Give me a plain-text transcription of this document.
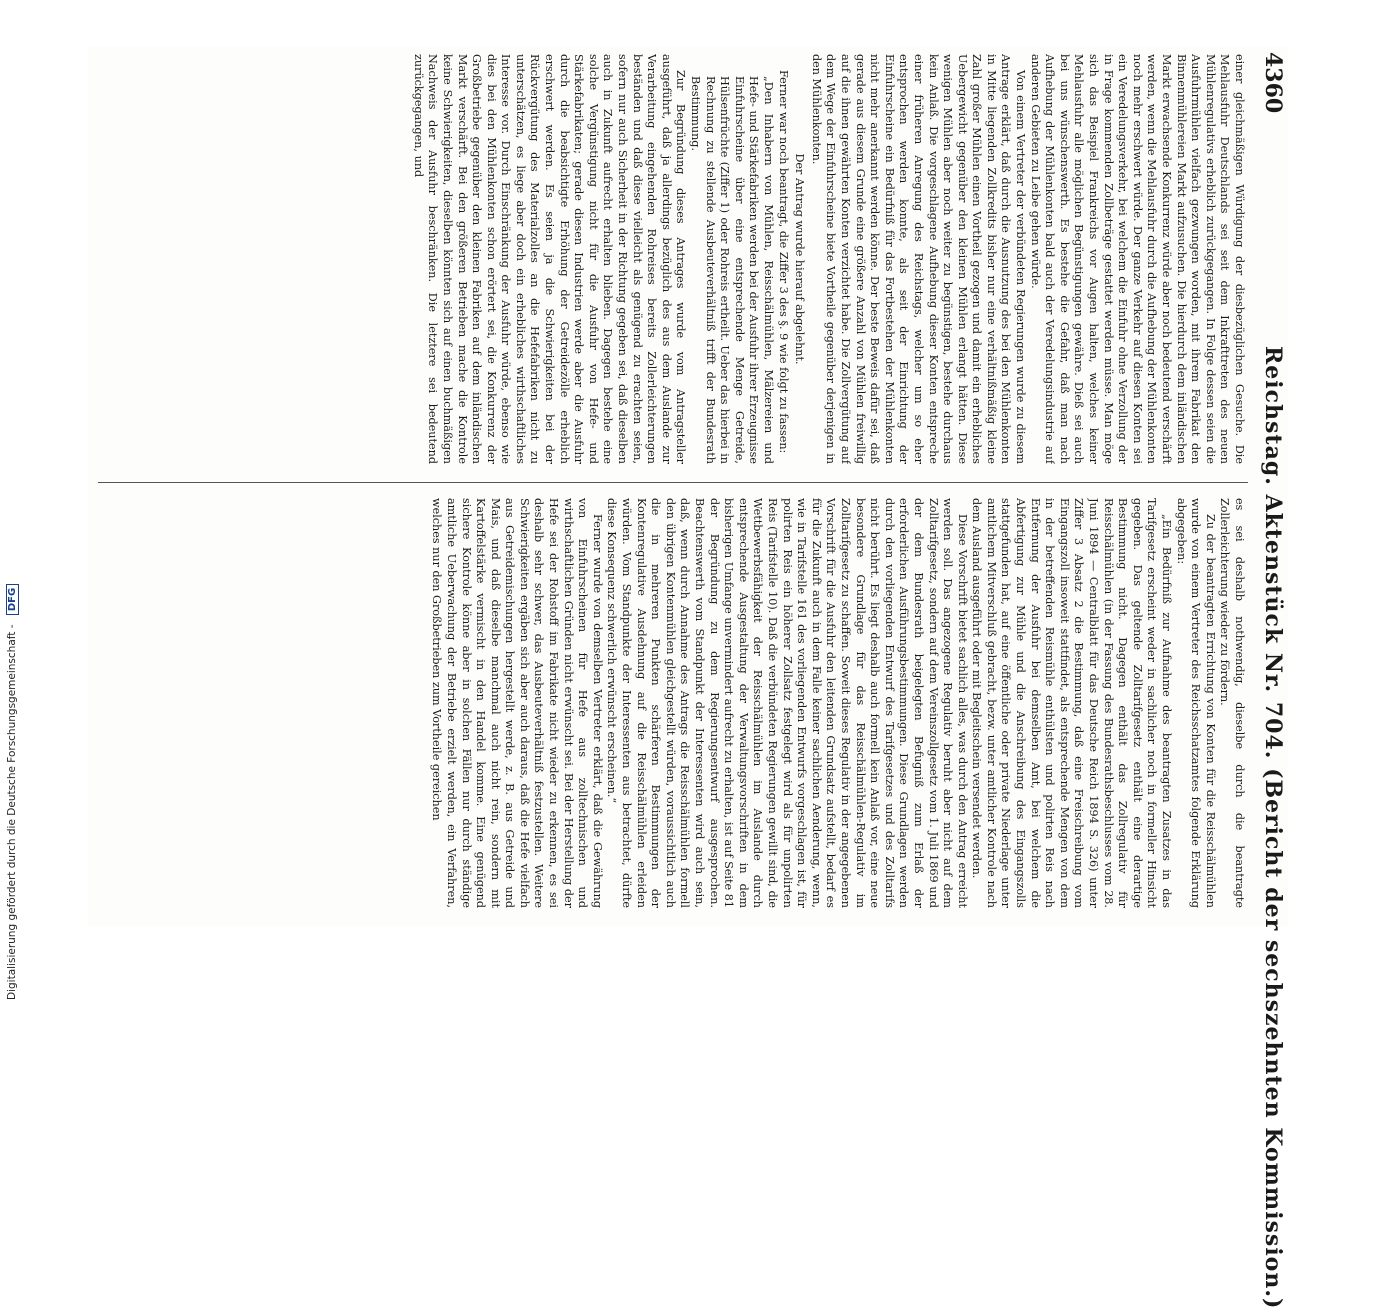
4360
Reichstag. Aktenstück Nr. 704. (Bericht der sechszehnten Kommission.)

einer gleichmäßigen Würdigung der diesbezüglichen Gesuche. Die Mehlausfuhr Deutschlands sei seit dem Inkrafttreten des neuen Mühlenregulativs erheblich zurückgegangen. In Folge dessen seien die Ausfuhrmühlen vielfach gezwungen worden, mit ihrem Fabrikat den Binnenmühlereien Markt aufzusuchen. Die hierdurch dem inländischen Markt erwachsende Konkurrenz würde aber noch bedeutend verschärft werden, wenn die Mehlausfuhr durch die Aufhebung der Mühlenkonten noch mehr erschwert würde. Der ganze Verkehr auf diesen Konten sei ein Veredelungsverkehr, bei welchem die Einfuhr ohne Verzollung der in Frage kommenden Zollbeträge gestattet werden müsse. Man möge sich das Beispiel Frankreichs vor Augen halten, welches keiner Mehlausfuhr alle möglichen Begünstigungen gewähre. Dieß sei auch bei uns wünschenswerth. Es bestehe die Gefahr, daß man nach Aufhebung der Mühlenkonten bald auch der Veredelungsindustrie auf anderen Gebieten zu Leibe gehen würde.

Von einem Vertreter der verbündeten Regierungen wurde zu diesem Antrage erklärt, daß durch die Ausnutzung des bei den Mühlenkonten in Mitte liegenden Zollkredits bisher nur eine verhältnißmäßig kleine Zahl großer Mühlen einen Vortheil gezogen und damit ein erhebliches Uebergewicht gegenüber den kleinen Mühlen erlangt hätten. Diese wenigen Mühlen aber noch weiter zu begünstigen, bestehe durchaus kein Anlaß. Die vorgeschlagene Aufhebung dieser Konten entspreche einer früheren Anregung des Reichstags, welcher um so eher entsprochen werden konnte, als seit der Einrichtung der Einfuhrscheine ein Bedürfniß für das Fortbestehen der Mühlenkonten nicht mehr anerkannt werden könne. Der beste Beweis dafür sei, daß gerade aus diesem Grunde eine größere Anzahl von Mühlen freiwillig auf die ihnen gewährten Konten verzichtet habe. Die Zollvergütung auf dem Wege der Einfuhrscheine biete Vortheile gegenüber derjenigen in den Mühlenkonten.

Der Antrag wurde hierauf abgelehnt.

Ferner war noch beantragt, die Ziffer 3 des §. 9 wie folgt zu fassen:

„Den Inhabern von Mühlen, Reisschälmühlen, Mälzereien und Hefe- und Stärkefabriken werden bei der Ausfuhr ihrer Erzeugnisse Einfuhrscheine über eine entsprechende Menge Getreide, Hülsenfrüchte (Ziffer 1) oder Rohreis ertheilt. Ueber das hierbei in Rechnung zu stellende Ausbeuteverhältniß trifft der Bundesrath Bestimmung.

Zur Begründung dieses Antrages wurde vom Antragsteller ausgeführt, daß ja allerdings bezüglich des aus dem Auslande zur Verarbeitung eingehenden Rohreises bereits Zollerleichterungen beständen und daß diese vielleicht als genügend zu erachten seien, sofern nur auch Sicherheit in der Richtung gegeben sei, daß dieselben auch in Zukunft aufrecht erhalten blieben. Dagegen bestehe eine solche Vergünstigung nicht für die Ausfuhr von Hefe- und Stärkefabrikaten; gerade diesen Industrien werde aber die Ausfuhr durch die beabsichtigte Erhöhung der Getreidezölle erheblich erschwert werden. Es seien ja die Schwierigkeiten bei der Rückvergütung des Materialzolles an die Hefefabriken nicht zu unterschätzen, es liege aber doch ein erhebliches wirthschaftliches Interesse vor. Durch Einschränkung der Ausfuhr würde, ebenso wie dies bei den Mühlenkonten schon erörtert sei, die Konkurrenz der Großbetriebe gegenüber den kleinen Fabriken auf dem inländischen Markt verschärft. Bei den größeren Betrieben mache die Kontrole keine Schwierigkeiten, dieselben könnten sich auf einen buchmäßigen Nachweis der Ausfuhr beschränken. Die letztere sei bedeutend zurückgegangen, und

es sei deshalb nothwendig, dieselbe durch die beantragte Zollerleichterung wieder zu fördern.

Zu der beantragten Errichtung von Konten für die Reisschälmühlen wurde von einem Vertreter des Reichsschatzamtes folgende Erklärung abgegeben:

„Ein Bedürfniß zur Aufnahme des beantragten Zusatzes in das Tarifgesetz erscheint weder in sachlicher noch in formeller Hinsicht gegeben. Das geltende Zolltarifgesetz enthält eine derartige Bestimmung nicht. Dagegen enthält das Zollregulativ für Reisschälmühlen (in der Fassung des Bundesrathsbeschlusses vom 28. Juni 1894 — Centralblatt für das Deutsche Reich 1894 S. 326) unter Ziffer 3 Absatz 2 die Bestimmung, daß eine Freischreibung vom Eingangszoll insoweit stattfindet, als entsprechende Mengen von dem in der betreffenden Reismühle enthülsten und polirten Reis nach Entfernung der Ausfuhr bei demselben Amt, bei welchem die Abfertigung zur Mühle und die Anschreibung des Eingangszolls stattgefunden hat, auf eine öffentliche oder private Niederlage unter amtlichem Mitverschluß gebracht, bezw. unter amtlicher Kontrole nach dem Ausland ausgeführt oder mit Begleitschein versendet werden.

Diese Vorschrift bietet sachlich alles, was durch den Antrag erreicht werden soll. Das angezogene Regulativ beruht aber nicht auf dem Zolltarifgesetz, sondern auf dem Vereinszollgesetz vom 1. Juli 1869 und der dem Bundesrath beigelegten Befugniß zum Erlaß der erforderlichen Ausführungsbestimmungen. Diese Grundlagen werden durch den vorliegenden Entwurf des Tarifgesetzes und des Zolltarifs nicht berührt. Es liegt deshalb auch formell kein Anlaß vor, eine neue besondere Grundlage für das Reisschälmühlen-Regulativ im Zolltarifgesetz zu schaffen. Soweit dieses Regulativ in der angegebenen Vorschrift für die Ausfuhr den leitenden Grundsatz aufstellt, bedarf es für die Zukunft auch in dem Falle keiner sachlichen Aenderung, wenn, wie in Tarifstelle 161 des vorliegenden Entwurfs vorgeschlagen ist, für polirten Reis ein höherer Zollsatz festgelegt wird als für unpolirten Reis (Tarifstelle 10). Daß die verbündeten Regierungen gewillt sind, die Wettbewerbsfähigkeit der Reisschälmühlen im Auslande durch entsprechende Ausgestaltung der Verwaltungsvorschriften in dem bisherigen Umfange unvermindert aufrecht zu erhalten, ist auf Seite 81 der Begründung zu dem Regierungsentwurf ausgesprochen. Beachtenswerth vom Standpunkt der Interessenten wird auch sein, daß, wenn durch Annahme des Antrags die Reisschälmühlen formell den übrigen Kontenmühlen gleichgestellt würden, voraussichtlich auch die in mehreren Punkten schärferen Bestimmungen der Kontenregulative Ausdehnung auf die Reisschälmühlen erleiden würden. Vom Standpunkte der Interessenten aus betrachtet, dürfte diese Konsequenz schwerlich erwünscht erscheinen.“

Ferner wurde von demselben Vertreter erklärt, daß die Gewährung von Einfuhrscheinen für Hefe aus zolltechnischen und wirthschaftlichen Gründen nicht erwünscht sei. Bei der Herstellung der Hefe sei der Rohstoff im Fabrikate nicht wieder zu erkennen, es sei deshalb sehr schwer, das Ausbeuteverhältniß festzustellen. Weitere Schwierigkeiten ergäben sich aber auch daraus, daß die Hefe vielfach aus Getreidemischungen hergestellt werde, z. B. aus Getreide und Mais, und daß dieselbe manchmal auch nicht rein, sondern mit Kartoffelstärke vermischt in den Handel komme. Eine genügend sichere Kontrole könne aber in solchen Fällen nur durch ständige amtliche Ueberwachung der Betriebe erzielt werden, ein Verfahren, welches nur den Großbetrieben zum Vortheile gereichen

Digitalisierung gefördert durch die Deutsche Forschungsgemeinschaft - DFG
